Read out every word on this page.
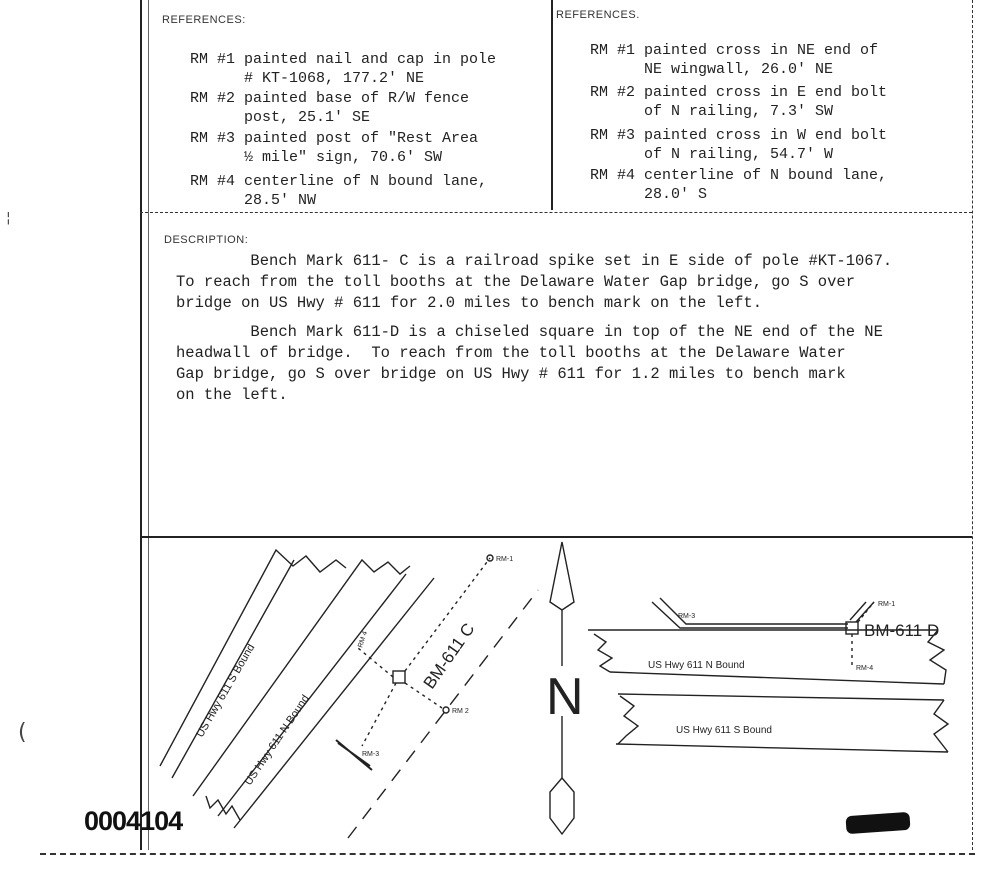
¦
(
REFERENCES:

RM #1 painted nail and cap in pole
# KT-1068, 177.2' NE

RM #2 painted base of R/W fence
post, 25.1' SE

RM #3 painted post of "Rest Area
½ mile" sign, 70.6' SW

RM #4 centerline of N bound lane,
28.5' NW

REFERENCES.

RM #1 painted cross in NE end of
NE wingwall, 26.0' NE

RM #2 painted cross in E end bolt
of N railing, 7.3' SW

RM #3 painted cross in W end bolt
of N railing, 54.7' W

RM #4 centerline of N bound lane,
28.0' S

DESCRIPTION:
Bench Mark 611- C is a railroad spike set in E side of pole #KT-1067.
To reach from the toll booths at the Delaware Water Gap bridge, go S over
bridge on US Hwy # 611 for 2.0 miles to bench mark on the left.
Bench Mark 611-D is a chiseled square in top of the NE end of the NE
headwall of bridge.  To reach from the toll booths at the Delaware Water
Gap bridge, go S over bridge on US Hwy # 611 for 1.2 miles to bench mark
on the left.
US Hwy 611 S Bound
US Hwy 611 N Bound
BM-611 C
RM-1
RM 2
RM-3
RM 4
N
US Hwy 611 N Bound
US Hwy 611 S Bound
BM-611 D
RM-1
RM-3
RM-4
0004104
